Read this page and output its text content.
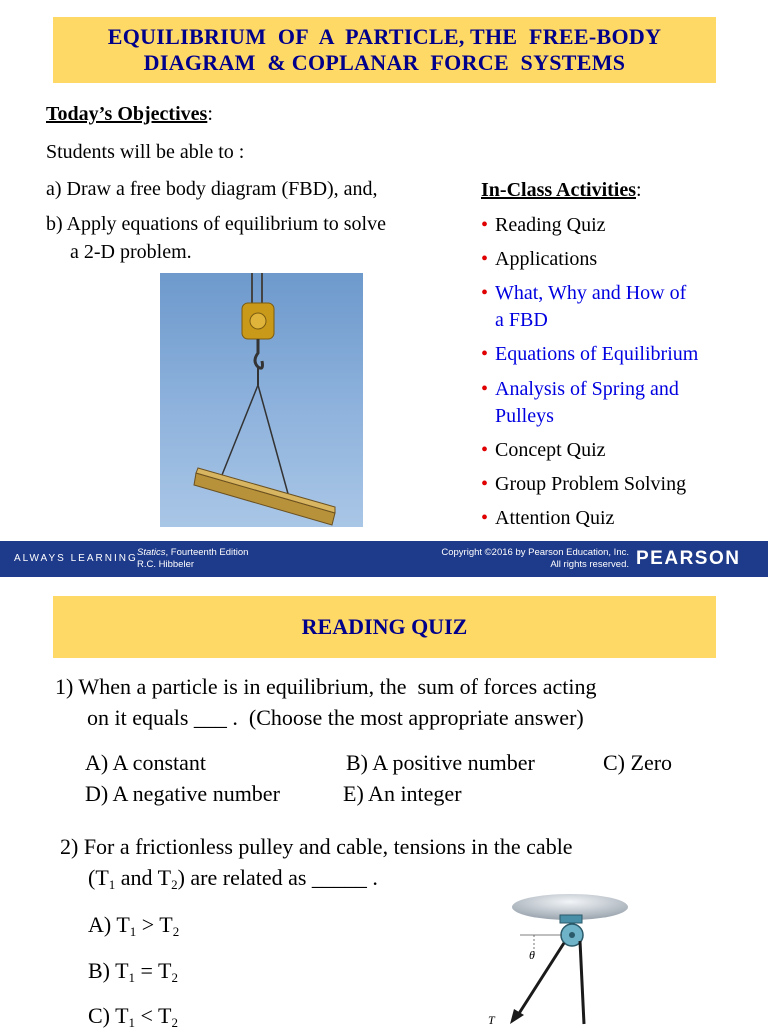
EQUILIBRIUM  OF  A  PARTICLE, THE  FREE-BODY
DIAGRAM  & COPLANAR  FORCE  SYSTEMS
Today’s Objectives:
Students will be able to :
a) Draw a free body diagram (FBD), and,
b) Apply equations of equilibrium to solve
a 2-D problem.
In-Class Activities:
• Reading Quiz
• Applications
• What, Why and How of
a FBD
• Equations of Equilibrium
• Analysis of Spring and
Pulleys
• Concept Quiz
• Group Problem Solving
• Attention Quiz
ALWAYS LEARNING
Statics, Fourteenth Edition
R.C. Hibbeler
Copyright ©2016 by Pearson Education, Inc.
All rights reserved. PEARSON
READING QUIZ
1) When a particle is in equilibrium, the  sum of forces acting
on it equals ___ .  (Choose the most appropriate answer)
A) A constant	B) A positive number	C) Zero
D) A negative number	E) An integer
2) For a frictionless pulley and cable, tensions in the cable
($T_1$ and $T_2$) are related as _____ .
A) $T_1 > T_2$
B) $T_1 = T_2$
C) $T_1 < T_2$
θ
T
